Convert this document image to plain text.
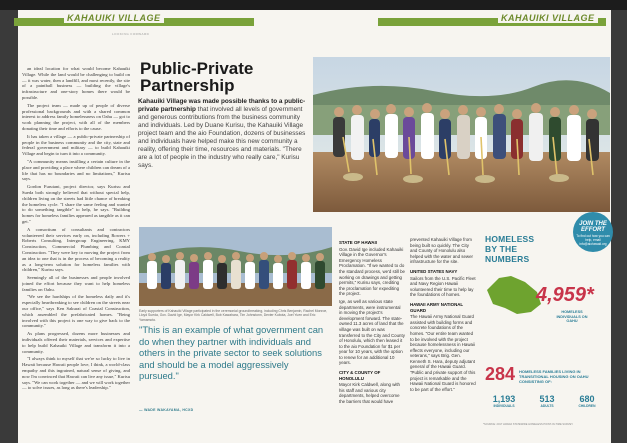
KAHAUIKI VILLAGE	KAHAUIKI VILLAGE
LOOKING FORWARD

an ideal location for what would become Kahauiki Village. While the land would be challenging to build on — it was water, then a landfill, and most recently, the site of a paintball business — building the village's infrastructure and one-story homes there would be possible.

The project team — made up of people of diverse professional backgrounds and with a shared common interest to address family homelessness on Oahu — got to work planning the project, with all of the members donating their time and efforts to the cause.

It has taken a village — a public-private partnership of people in the business community and the city, state and federal government and military — to build Kahauiki Village and begin to turn it into a community.

"A community means instilling a certain culture in the place and providing a place where children can dream of a life that has no boundaries and no limitations," Kurisu says.

Gordon Furutani, project director, says Kurisu and Sueda both strongly believed that without special help, children living on the streets had little chance of breaking the homeless cycle. "I share the same feeling and wanted to do something tangible" to help, he says. "Building homes for homeless families appeared as tangible as it can get."

A consortium of consultants and contractors volunteered their services early on, including Rowers + Roberts Consulting, Intergroup Engineering, KMY Construction, Commercial Plumbing and Coastal Construction. "They were key to moving the project from an idea to one that is in the process of becoming a reality as a long-term solution for homeless families with children," Kurisu says.

Seemingly all of the businesses and people involved joined the effort because they want to help homeless families on Oahu.

"We see the hardships of the homeless daily and it's especially heartbreaking to see children on the streets near our office," says Ken Sakurai of Coastal Construction, which assembled the prefabricated homes. "Being involved with this project is one way to give back to the community."

As plans progressed, dozens more businesses and individuals offered their materials, services and expertise to help build Kahauiki Village and transform it into a community.

"I always think to myself that we're so lucky to live in Hawaii because Hawaii people love, I think, a world-class empathy and this ingrained, natural sense of giving, and now I'm convinced that Hawaii can live any issue," Kurisu says. "We can work together — and we will work together — to solve issues, as long as there's leadership."

Public-Private Partnership
Kahauiki Village was made possible thanks to a public-private partnership that involved all levels of government and generous contributions from the business community and individuals. Led by Duane Kurisu, the Kahauiki Village project team and the aio Foundation, dozens of businesses and individuals have helped make this new community a reality, offering their time, resources and materials. "There are a lot of people in the industry who really care," Kurisu says.
Early supporters of Kahauiki Village participated in the ceremonial groundbreaking, including Chris Benjamin, Rachel Monroe, Lloyd Sueda, Gov. David Ige, Mayor Kirk Caldwell, Bob Kawahara, Tim Johnstonn, Dexter Kubota, Joel Yuen and Eric Yamamoto.
"This is an example of what government can do when they partner with individuals and others in the private sector to seek solutions and should be a model aggressively pursued."
— WADE WAKAYAMA, HCXD
STATE OF HAWAII

Gov. David Ige included Kahauiki Village in the Governor's Emergency Homeless Proclamation. "If we wanted to do the standard process, we'd still be working on drawings and getting permits," Kurisu says, crediting the proclamation for expediting the project.

Ige, as well as various state departments, were instrumental in moving the project's development forward. The state-owned 11.3 acres of land that the village was built on was transferred to the City and County of Honolulu, which then leased it to the aio Foundation for $1 per year for 10 years, with the option to renew for an additional 10 years.

CITY & COUNTY OF HONOLULU

Mayor Kirk Caldwell, along with his staff and various city departments, helped overcome the barriers that would have

prevented Kahauiki Village from being built so quickly. The City and County of Honolulu also helped with the water and sewer infrastructure for the site.

UNITED STATES NAVY

Sailors from the U.S. Pacific Fleet and Navy Region Hawaii volunteered their time to help lay the foundations of homes.

HAWAII ARMY NATIONAL GUARD

The Hawaii Army National Guard assisted with building forms and concrete foundations of the homes. "Our entire team wanted to be involved with the project because homelessness in Hawaii effects everyone, including our veterans," says Brig. Gen. Kenneth S. Hara, deputy adjutant general of the Hawaii Guard. "Public and private support of this project is remarkable and the Hawaii National Guard is honored to be part of the effort."

HOMELESS
BY THE
NUMBERS
JOIN THE EFFORT
To find out how you can help, email info@aiohawaii.org
4,959*
HOMELESS INDIVIDUALS ON OAHU
284 HOMELESS FAMILIES LIVING IN TRANSITIONAL HOUSING ON OAHU CONSISTING OF:
1,193
INDIVIDUALS
513
ADULTS
680
CHILDREN
*SOURCE: 2017 HAWAII STATEWIDE HOMELESS POINT-IN-TIME SURVEY
